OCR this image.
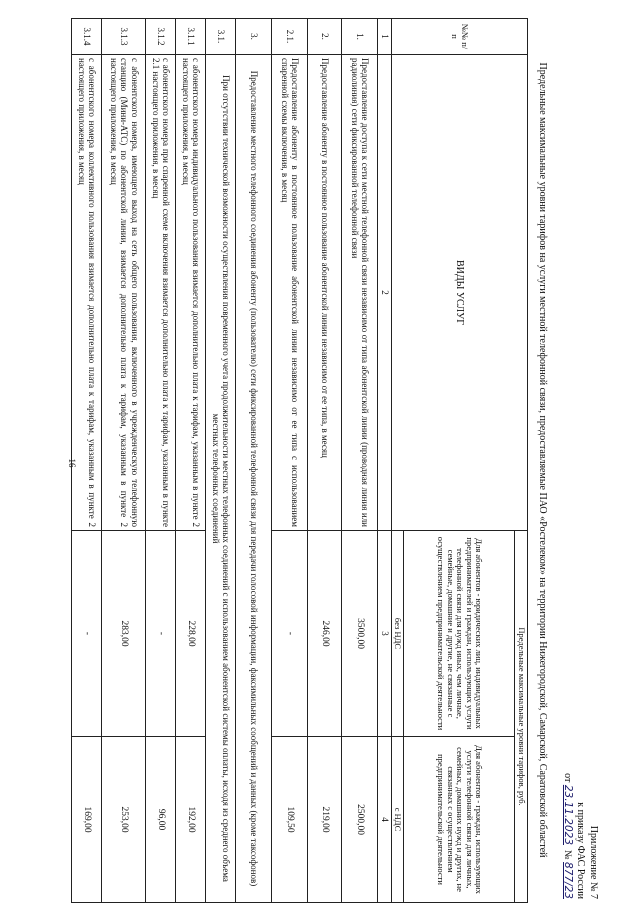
16
Приложение № 7
к приказу ФАС России
от 23.11.2023  № 877/23
Предельные максимальные уровни тарифов на услуги местной телефонной связи, предоставляемые ПАО «Ростелеком» на территории Нижегородской, Самарской, Саратовской областей
№№ п/п	ВИДЫ УСЛУГ	Предельные максимальные уровни тарифов, руб.	
		Для абонентов - юридических лиц, индивидуальных предпринимателей и граждан, использующих услуги телефонной связи для нужд иных, чем личные, семейные, домашние и другие, не связанные с осуществлением предпринимательской деятельности	Для абонентов - граждан, использующих услуги телефонной связи для личных, семейных, домашних нужд и других, не связанных с осуществлением предпринимательской деятельности
		без НДС	с НДС
1	2	3	4
1.	Предоставление доступа к сети местной телефонной связи независимо от типа абонентской линии (проводная линия или радиолиния) сети фиксированной телефонной связи	3500,00	2500,00
2.	Предоставление абоненту в постоянное пользование абонентской линии независимо от ее типа, в месяц	246,00	219,00
2.1.	Предоставление абоненту в постоянное пользование абонентской линии независимо от ее типа с использованием спаренной схемы включения, в месяц	-	109,50
3.	Предоставление местного телефонного соединения абоненту (пользователю) сети фиксированной телефонной связи для передачи голосовой информации, факсимильных сообщений и данных (кроме таксофонов)		
3.1.	При отсутствии технической возможности осуществления повременного учета продолжительности местных телефонных соединений с использованием абонентской системы оплаты, исходя из среднего объема местных телефонных соединений		
3.1.1	с абонентского номера индивидуального пользования взимается дополнительно плата к тарифам, указанным в пункте 2 настоящего приложения, в месяц	228,00	192,00
3.1.2	с абонентского номера при спаренной схеме включения взимается дополнительно плата к тарифам, указанным в пункте 2.1 настоящего приложения, в месяц	-	96,00
3.1.3	с абонентского номера, имеющего выход на сеть общего пользования, включенного в учрежденческую телефонную станцию (Мини-АТС) по абонентской линии, взимается дополнительно плата к тарифам, указанным в пункте 2 настоящего приложения, в месяц	283,00	253,00
3.1.4	с абонентского номера коллективного пользования взимается дополнительно плата к тарифам, указанным в пункте 2 настоящего приложения, в месяц	-	169,00
